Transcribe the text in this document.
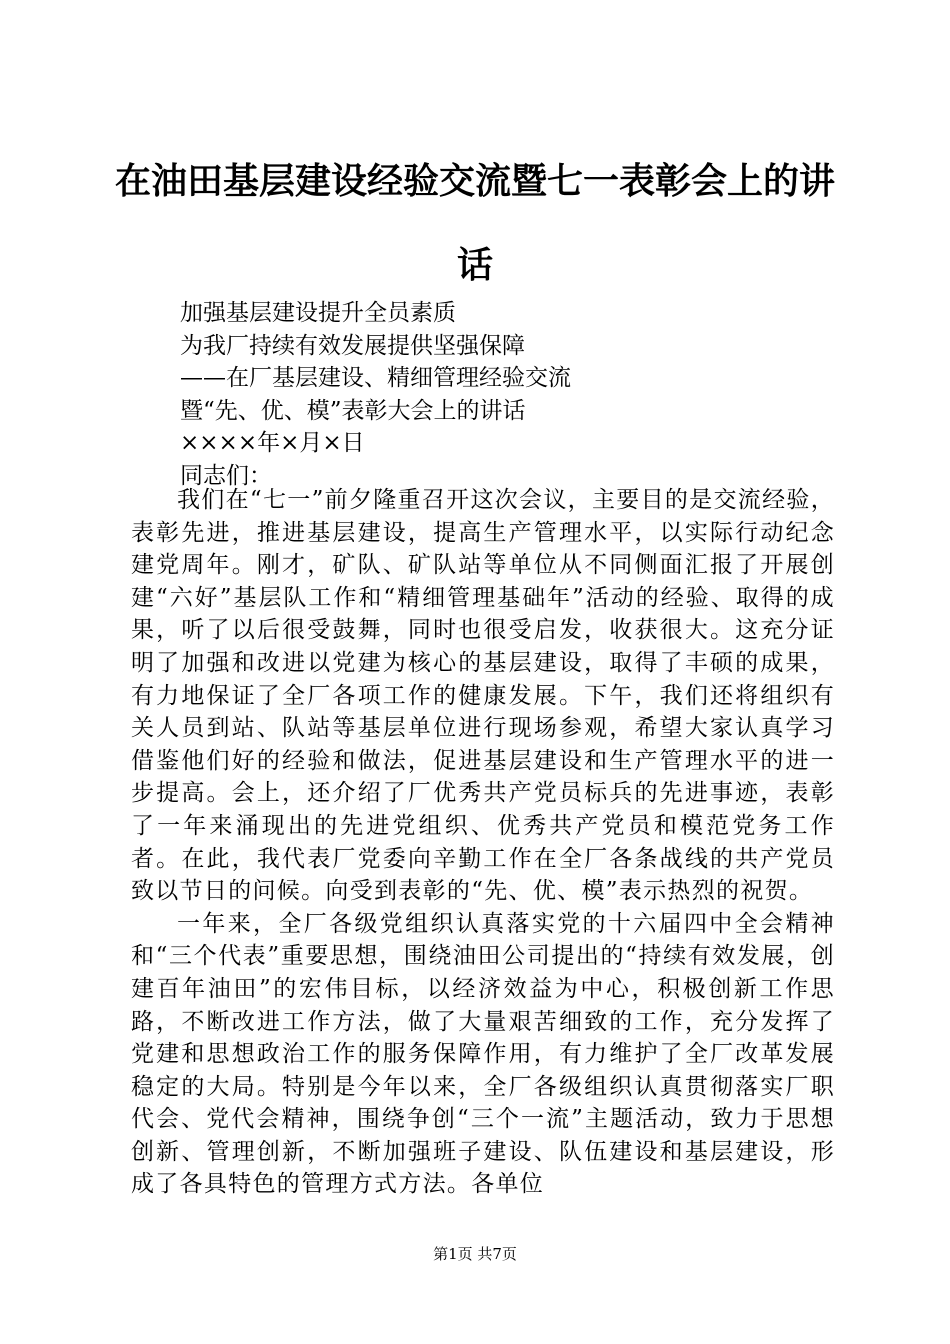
在油田基层建设经验交流暨七一表彰会上的讲
话
加强基层建设提升全员素质
为我厂持续有效发展提供坚强保障
——在厂基层建设、精细管理经验交流
暨“先、优、模”表彰大会上的讲话
××××年×月×日
同志们：

我们在“七一”前夕隆重召开这次会议，主要目的是交流经验，表彰先进，推进基层建设，提高生产管理水平，以实际行动纪念建党周年。刚才，矿队、矿队站等单位从不同侧面汇报了开展创建“六好”基层队工作和“精细管理基础年”活动的经验、取得的成果，听了以后很受鼓舞，同时也很受启发，收获很大。这充分证明了加强和改进以党建为核心的基层建设，取得了丰硕的成果，有力地保证了全厂各项工作的健康发展。下午，我们还将组织有关人员到站、队站等基层单位进行现场参观，希望大家认真学习借鉴他们好的经验和做法，促进基层建设和生产管理水平的进一步提高。会上，还介绍了厂优秀共产党员标兵的先进事迹，表彰了一年来涌现出的先进党组织、优秀共产党员和模范党务工作者。在此，我代表厂党委向辛勤工作在全厂各条战线的共产党员致以节日的问候。向受到表彰的“先、优、模”表示热烈的祝贺。

一年来，全厂各级党组织认真落实党的十六届四中全会精神和“三个代表”重要思想，围绕油田公司提出的“持续有效发展，创建百年油田”的宏伟目标，以经济效益为中心，积极创新工作思路，不断改进工作方法，做了大量艰苦细致的工作，充分发挥了党建和思想政治工作的服务保障作用，有力维护了全厂改革发展稳定的大局。特别是今年以来，全厂各级组织认真贯彻落实厂职代会、党代会精神，围绕争创“三个一流”主题活动，致力于思想创新、管理创新，不断加强班子建设、队伍建设和基层建设，形成了各具特色的管理方式方法。各单位

第1页 共7页
